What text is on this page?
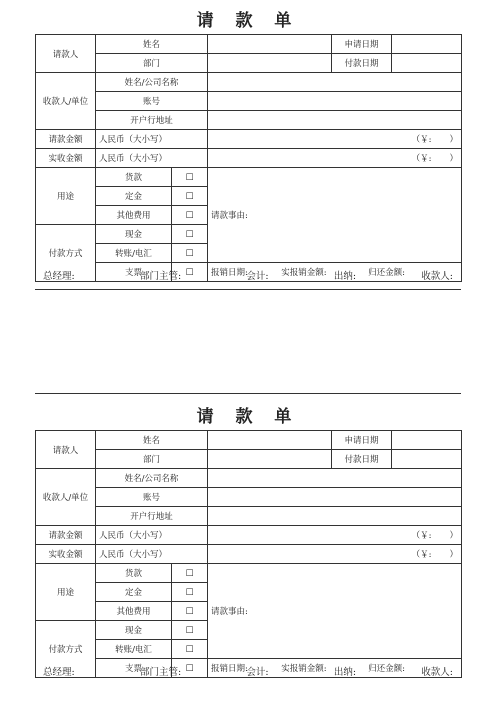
请 款 单
请款人	姓名			申请日期	
	部门			付款日期	
收款人/单位	姓名/公司名称				
	账号				
	开户行地址				
请款金额	人民币（大小写）		（￥: ）		
实收金额	人民币（大小写）		（￥: ）		
用途	货款	□	请款事由:		
	定金	□			
	其他费用	□			
付款方式	现金	□			
	转账/电汇	□			
	支票	□	报销日期: 实报销金额: 归还金额:		
总经理:	部门主管:	会计:	出纳:	收款人:
请 款 单
请款人	姓名			申请日期	
	部门			付款日期	
收款人/单位	姓名/公司名称				
	账号				
	开户行地址				
请款金额	人民币（大小写）		（￥: ）		
实收金额	人民币（大小写）		（￥: ）		
用途	货款	□	请款事由:		
	定金	□			
	其他费用	□			
付款方式	现金	□			
	转账/电汇	□			
	支票	□	报销日期: 实报销金额: 归还金额:		
总经理:	部门主管:	会计:	出纳:	收款人:
